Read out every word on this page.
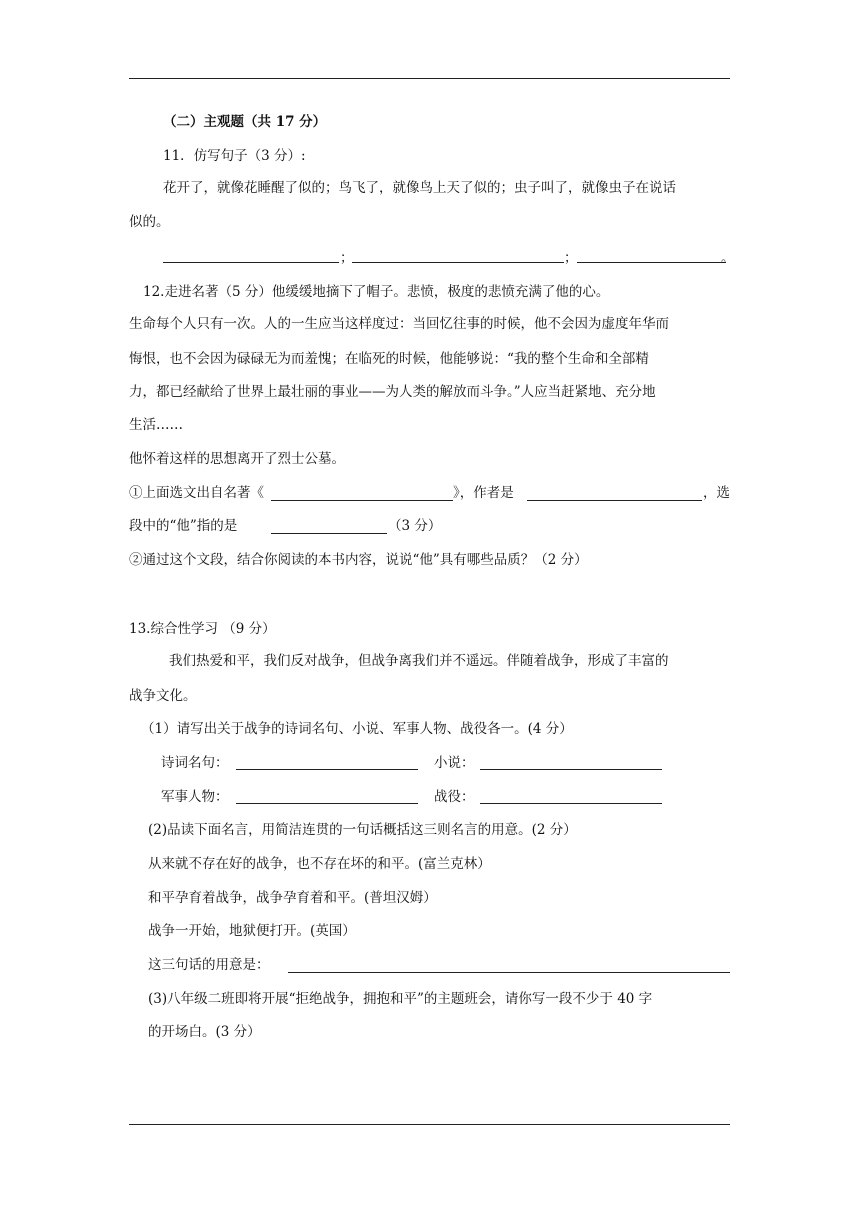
（二）主观题（共 17 分）
11．仿写句子（3 分）:
花开了，就像花睡醒了似的；鸟飞了，就像鸟上天了似的；虫子叫了，就像虫子在说话
似的。
；	；	。
12.走进名著（5 分）他缓缓地摘下了帽子。悲愤，极度的悲愤充满了他的心。
生命每个人只有一次。人的一生应当这样度过：当回忆往事的时候，他不会因为虚度年华而
悔恨，也不会因为碌碌无为而羞愧；在临死的时候，他能够说：“我的整个生命和全部精
力，都已经献给了世界上最壮丽的事业——为人类的解放而斗争。”人应当赶紧地、充分地
生活……
他怀着这样的思想离开了烈士公墓。
①上面选文出自名著《	》，作者是	，选
段中的“他”指的是	（3 分）
②通过这个文段，结合你阅读的本书内容，说说“他”具有哪些品质？（2 分）
13.综合性学习 （9 分）
我们热爱和平，我们反对战争，但战争离我们并不遥远。伴随着战争，形成了丰富的
战争文化。
（1）请写出关于战争的诗词名句、小说、军事人物、战役各一。(4 分）
诗词名句：	小说：
军事人物：	战役：
(2)品读下面名言，用简洁连贯的一句话概括这三则名言的用意。(2 分）
从来就不存在好的战争，也不存在坏的和平。(富兰克林）
和平孕育着战争，战争孕育着和平。(普坦汉姆）
战争一开始，地狱便打开。(英国）
这三句话的用意是：
(3)八年级二班即将开展“拒绝战争，拥抱和平”的主题班会，请你写一段不少于 40 字
的开场白。(3 分）
